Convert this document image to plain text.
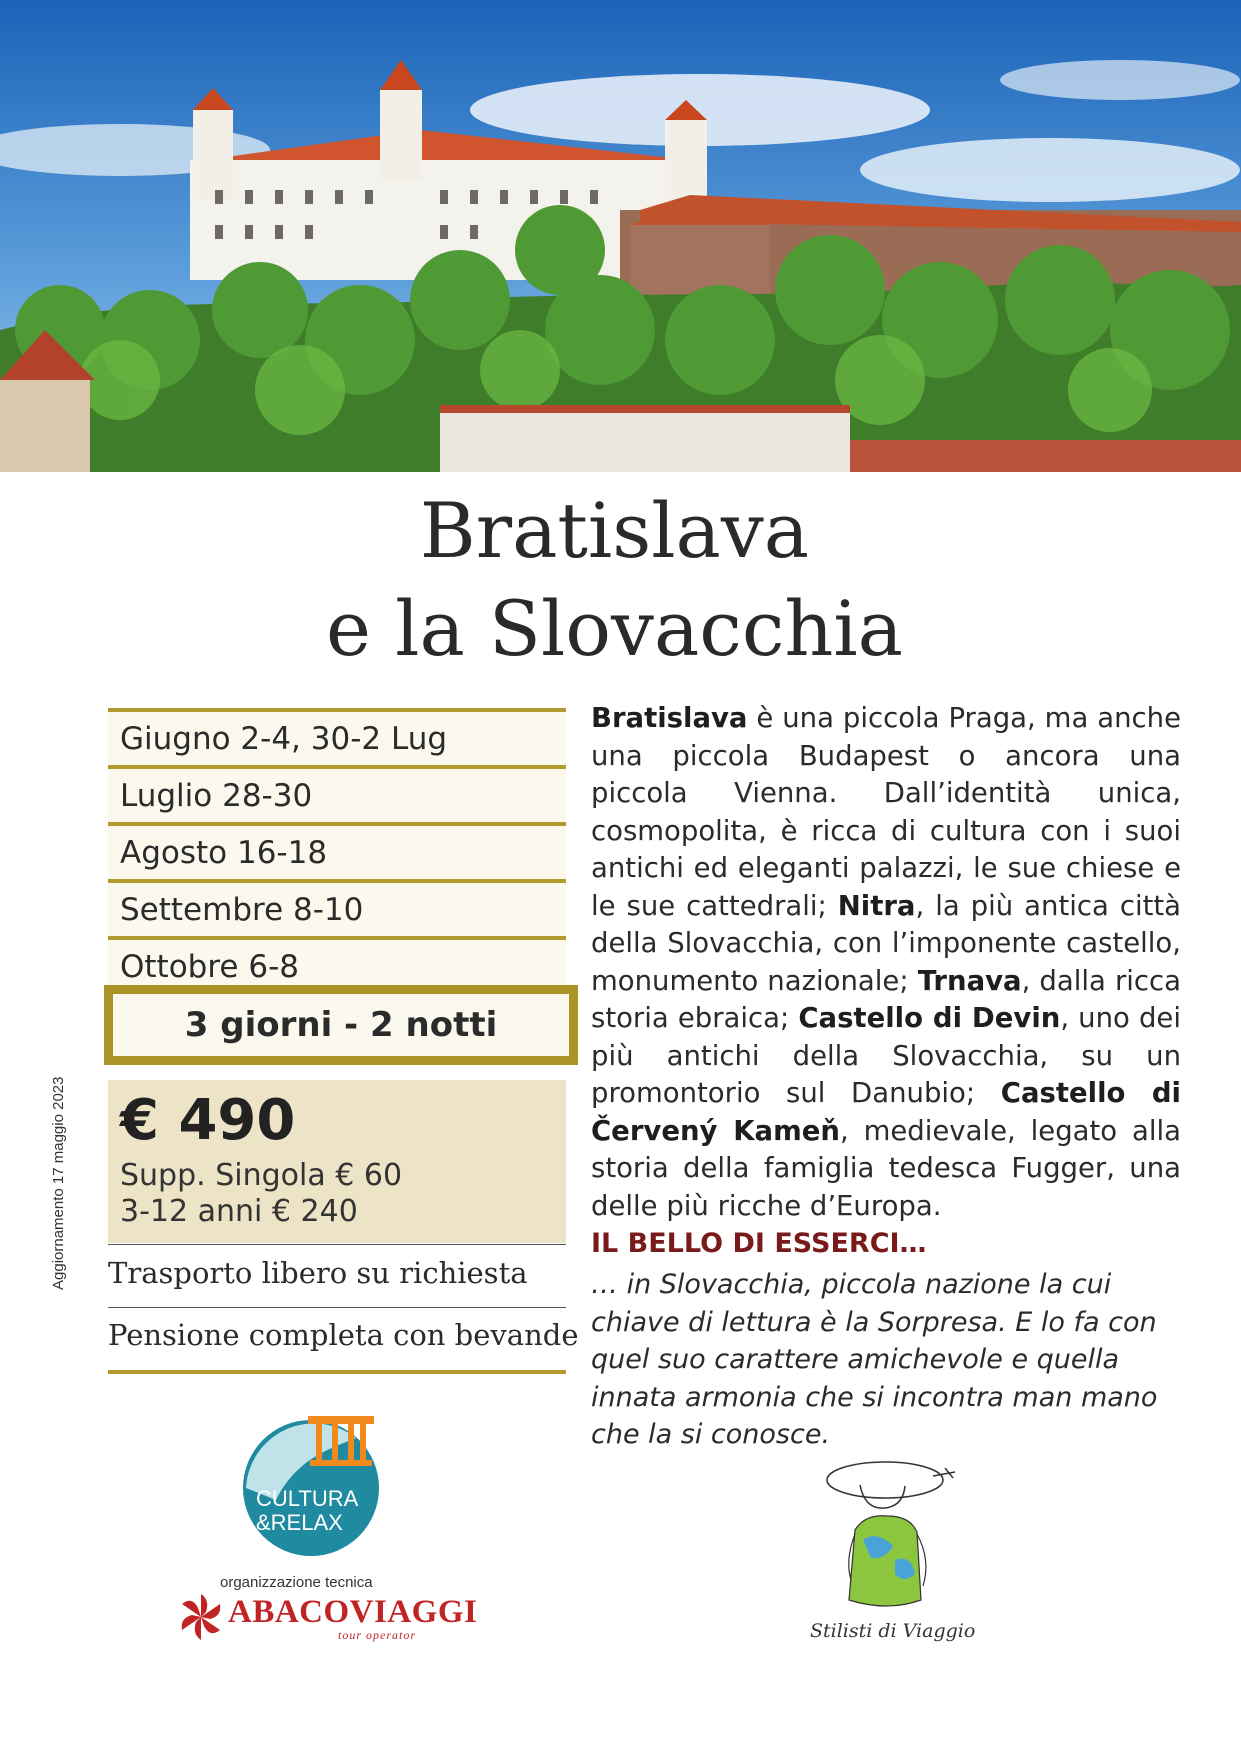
Bratislava
e la Slovacchia
Giugno 2-4, 30-2 Lug
Luglio 28-30
Agosto 16-18
Settembre 8-10
Ottobre 6-8
3 giorni - 2 notti
€ 490
Supp. Singola € 60
3-12 anni € 240
Trasporto libero su richiesta
Pensione completa con bevande
Bratislava è una piccola Praga, ma anche una piccola Budapest o ancora una piccola Vienna. Dall’identità unica, cosmopolita, è ricca di cultura con i suoi antichi ed eleganti palazzi, le sue chiese e le sue cattedrali; Nitra, la più antica città della Slovacchia, con l’imponente castello, monumento nazionale; Trnava, dalla ricca storia ebraica; Castello di Devin, uno dei più antichi della Slovacchia, su un promontorio sul Danubio; Castello di Červený Kameň, medievale, legato alla storia della famiglia tedesca Fugger, una delle più ricche d’Europa.
IL BELLO DI ESSERCI…
… in Slovacchia, piccola nazione la cui chiave di lettura è la Sorpresa. E lo fa con quel suo carattere amichevole e quella innata armonia che si incontra man mano che la si conosce.
Aggiornamento 17 maggio 2023
CULTURA
&RELAX
organizzazione tecnica
ABACOVIAGGI
tour operator	Stilisti di Viaggio
